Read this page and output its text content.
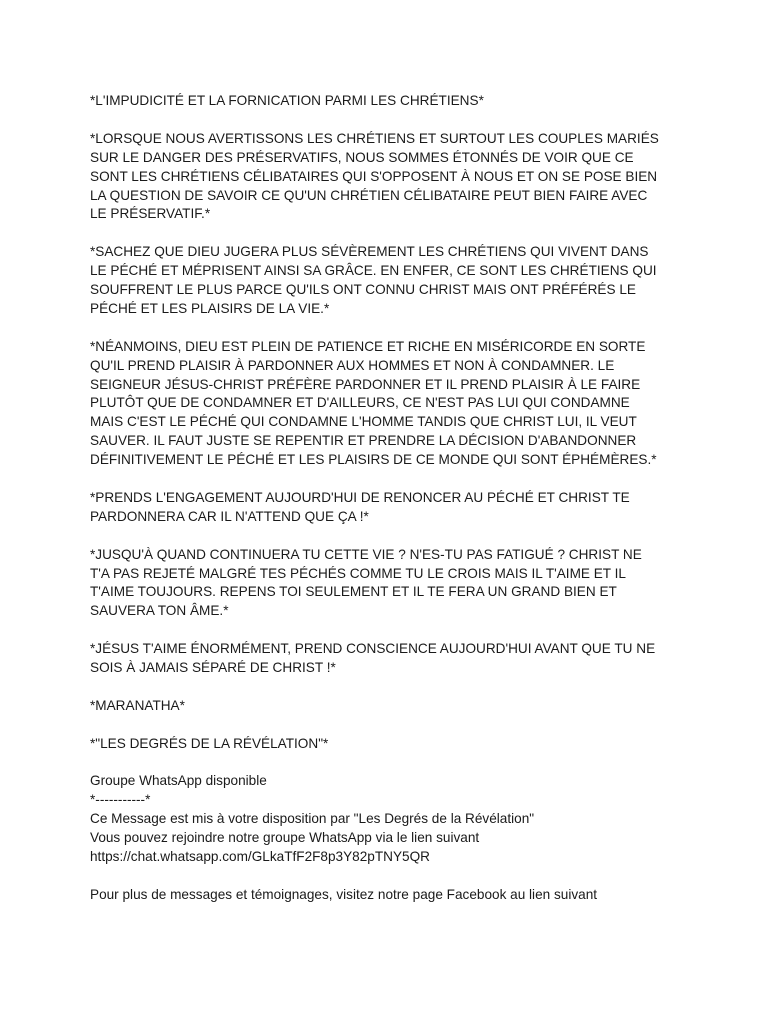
*L'IMPUDICITÉ ET LA FORNICATION PARMI LES CHRÉTIENS*

*LORSQUE NOUS AVERTISSONS LES CHRÉTIENS ET SURTOUT LES COUPLES MARIÉS
SUR LE DANGER DES PRÉSERVATIFS, NOUS SOMMES ÉTONNÉS DE VOIR QUE CE
SONT LES CHRÉTIENS CÉLIBATAIRES QUI S'OPPOSENT À NOUS ET ON SE POSE BIEN
LA QUESTION DE SAVOIR CE QU'UN CHRÉTIEN CÉLIBATAIRE PEUT BIEN FAIRE AVEC
LE PRÉSERVATIF.*

*SACHEZ QUE DIEU JUGERA PLUS SÉVÈREMENT LES CHRÉTIENS QUI VIVENT DANS
LE PÉCHÉ ET MÉPRISENT AINSI SA GRÂCE. EN ENFER, CE SONT LES CHRÉTIENS QUI
SOUFFRENT LE PLUS PARCE QU'ILS ONT CONNU CHRIST MAIS ONT PRÉFÉRÉS LE
PÉCHÉ ET LES PLAISIRS DE LA VIE.*

*NÉANMOINS, DIEU EST PLEIN DE PATIENCE ET RICHE EN MISÉRICORDE EN SORTE
QU'IL PREND PLAISIR À PARDONNER AUX HOMMES ET NON À CONDAMNER. LE
SEIGNEUR JÉSUS-CHRIST PRÉFÈRE PARDONNER ET IL PREND PLAISIR À LE FAIRE
PLUTÔT QUE DE CONDAMNER ET D'AILLEURS, CE N'EST PAS LUI QUI CONDAMNE
MAIS C'EST LE PÉCHÉ QUI CONDAMNE L'HOMME TANDIS QUE CHRIST LUI, IL VEUT
SAUVER. IL FAUT JUSTE SE REPENTIR ET PRENDRE LA DÉCISION D'ABANDONNER
DÉFINITIVEMENT LE PÉCHÉ ET LES PLAISIRS DE CE MONDE QUI SONT ÉPHÉMÈRES.*

*PRENDS L'ENGAGEMENT AUJOURD'HUI DE RENONCER AU PÉCHÉ ET CHRIST TE
PARDONNERA CAR IL N'ATTEND QUE ÇA !*

*JUSQU'À QUAND CONTINUERA TU CETTE VIE ? N'ES-TU PAS FATIGUÉ ? CHRIST NE
T'A PAS REJETÉ MALGRÉ TES PÉCHÉS COMME TU LE CROIS MAIS IL T'AIME ET IL
T'AIME TOUJOURS. REPENS TOI SEULEMENT ET IL TE FERA UN GRAND BIEN ET
SAUVERA TON ÂME.*

*JÉSUS T'AIME ÉNORMÉMENT, PREND CONSCIENCE AUJOURD'HUI AVANT QUE TU NE
SOIS À JAMAIS SÉPARÉ DE CHRIST !*

*MARANATHA*

*"LES DEGRÉS DE LA RÉVÉLATION"*

Groupe WhatsApp disponible

*-----------*

Ce Message est mis à votre disposition par "Les Degrés de la Révélation"

Vous pouvez rejoindre notre groupe WhatsApp via le lien suivant

https://chat.whatsapp.com/GLkaTfF2F8p3Y82pTNY5QR

Pour plus de messages et témoignages, visitez notre page Facebook au lien suivant
